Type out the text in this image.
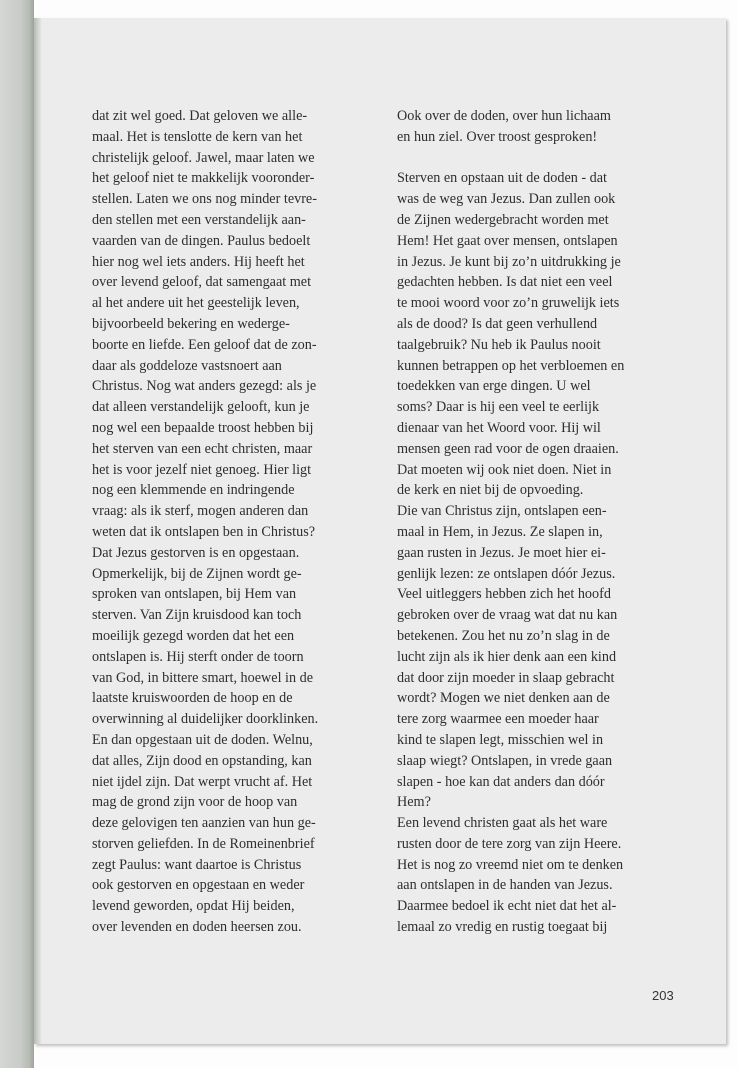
dat zit wel goed. Dat geloven we alle-
maal. Het is tenslotte de kern van het
christelijk geloof. Jawel, maar laten we
het geloof niet te makkelijk vooronder-
stellen. Laten we ons nog minder tevre-
den stellen met een verstandelijk aan-
vaarden van de dingen. Paulus bedoelt
hier nog wel iets anders. Hij heeft het
over levend geloof, dat samengaat met
al het andere uit het geestelijk leven,
bijvoorbeeld bekering en wederge-
boorte en liefde. Een geloof dat de zon-
daar als goddeloze vastsnoert aan
Christus. Nog wat anders gezegd: als je
dat alleen verstandelijk gelooft, kun je
nog wel een bepaalde troost hebben bij
het sterven van een echt christen, maar
het is voor jezelf niet genoeg. Hier ligt
nog een klemmende en indringende
vraag: als ik sterf, mogen anderen dan
weten dat ik ontslapen ben in Christus?
Dat Jezus gestorven is en opgestaan.
Opmerkelijk, bij de Zijnen wordt ge-
sproken van ontslapen, bij Hem van
sterven. Van Zijn kruisdood kan toch
moeilijk gezegd worden dat het een
ontslapen is. Hij sterft onder de toorn
van God, in bittere smart, hoewel in de
laatste kruiswoorden de hoop en de
overwinning al duidelijker doorklinken.
En dan opgestaan uit de doden. Welnu,
dat alles, Zijn dood en opstanding, kan
niet ijdel zijn. Dat werpt vrucht af. Het
mag de grond zijn voor de hoop van
deze gelovigen ten aanzien van hun ge-
storven geliefden. In de Romeinenbrief
zegt Paulus: want daartoe is Christus
ook gestorven en opgestaan en weder
levend geworden, opdat Hij beiden,
over levenden en doden heersen zou.
Ook over de doden, over hun lichaam
en hun ziel. Over troost gesproken!
Sterven en opstaan uit de doden - dat
was de weg van Jezus. Dan zullen ook
de Zijnen wedergebracht worden met
Hem! Het gaat over mensen, ontslapen
in Jezus. Je kunt bij zo’n uitdrukking je
gedachten hebben. Is dat niet een veel
te mooi woord voor zo’n gruwelijk iets
als de dood? Is dat geen verhullend
taalgebruik? Nu heb ik Paulus nooit
kunnen betrappen op het verbloemen en
toedekken van erge dingen. U wel
soms? Daar is hij een veel te eerlijk
dienaar van het Woord voor. Hij wil
mensen geen rad voor de ogen draaien.
Dat moeten wij ook niet doen. Niet in
de kerk en niet bij de opvoeding.
Die van Christus zijn, ontslapen een-
maal in Hem, in Jezus. Ze slapen in,
gaan rusten in Jezus. Je moet hier ei-
genlijk lezen: ze ontslapen dóór Jezus.
Veel uitleggers hebben zich het hoofd
gebroken over de vraag wat dat nu kan
betekenen. Zou het nu zo’n slag in de
lucht zijn als ik hier denk aan een kind
dat door zijn moeder in slaap gebracht
wordt? Mogen we niet denken aan de
tere zorg waarmee een moeder haar
kind te slapen legt, misschien wel in
slaap wiegt? Ontslapen, in vrede gaan
slapen - hoe kan dat anders dan dóór
Hem?
Een levend christen gaat als het ware
rusten door de tere zorg van zijn Heere.
Het is nog zo vreemd niet om te denken
aan ontslapen in de handen van Jezus.
Daarmee bedoel ik echt niet dat het al-
lemaal zo vredig en rustig toegaat bij
203
